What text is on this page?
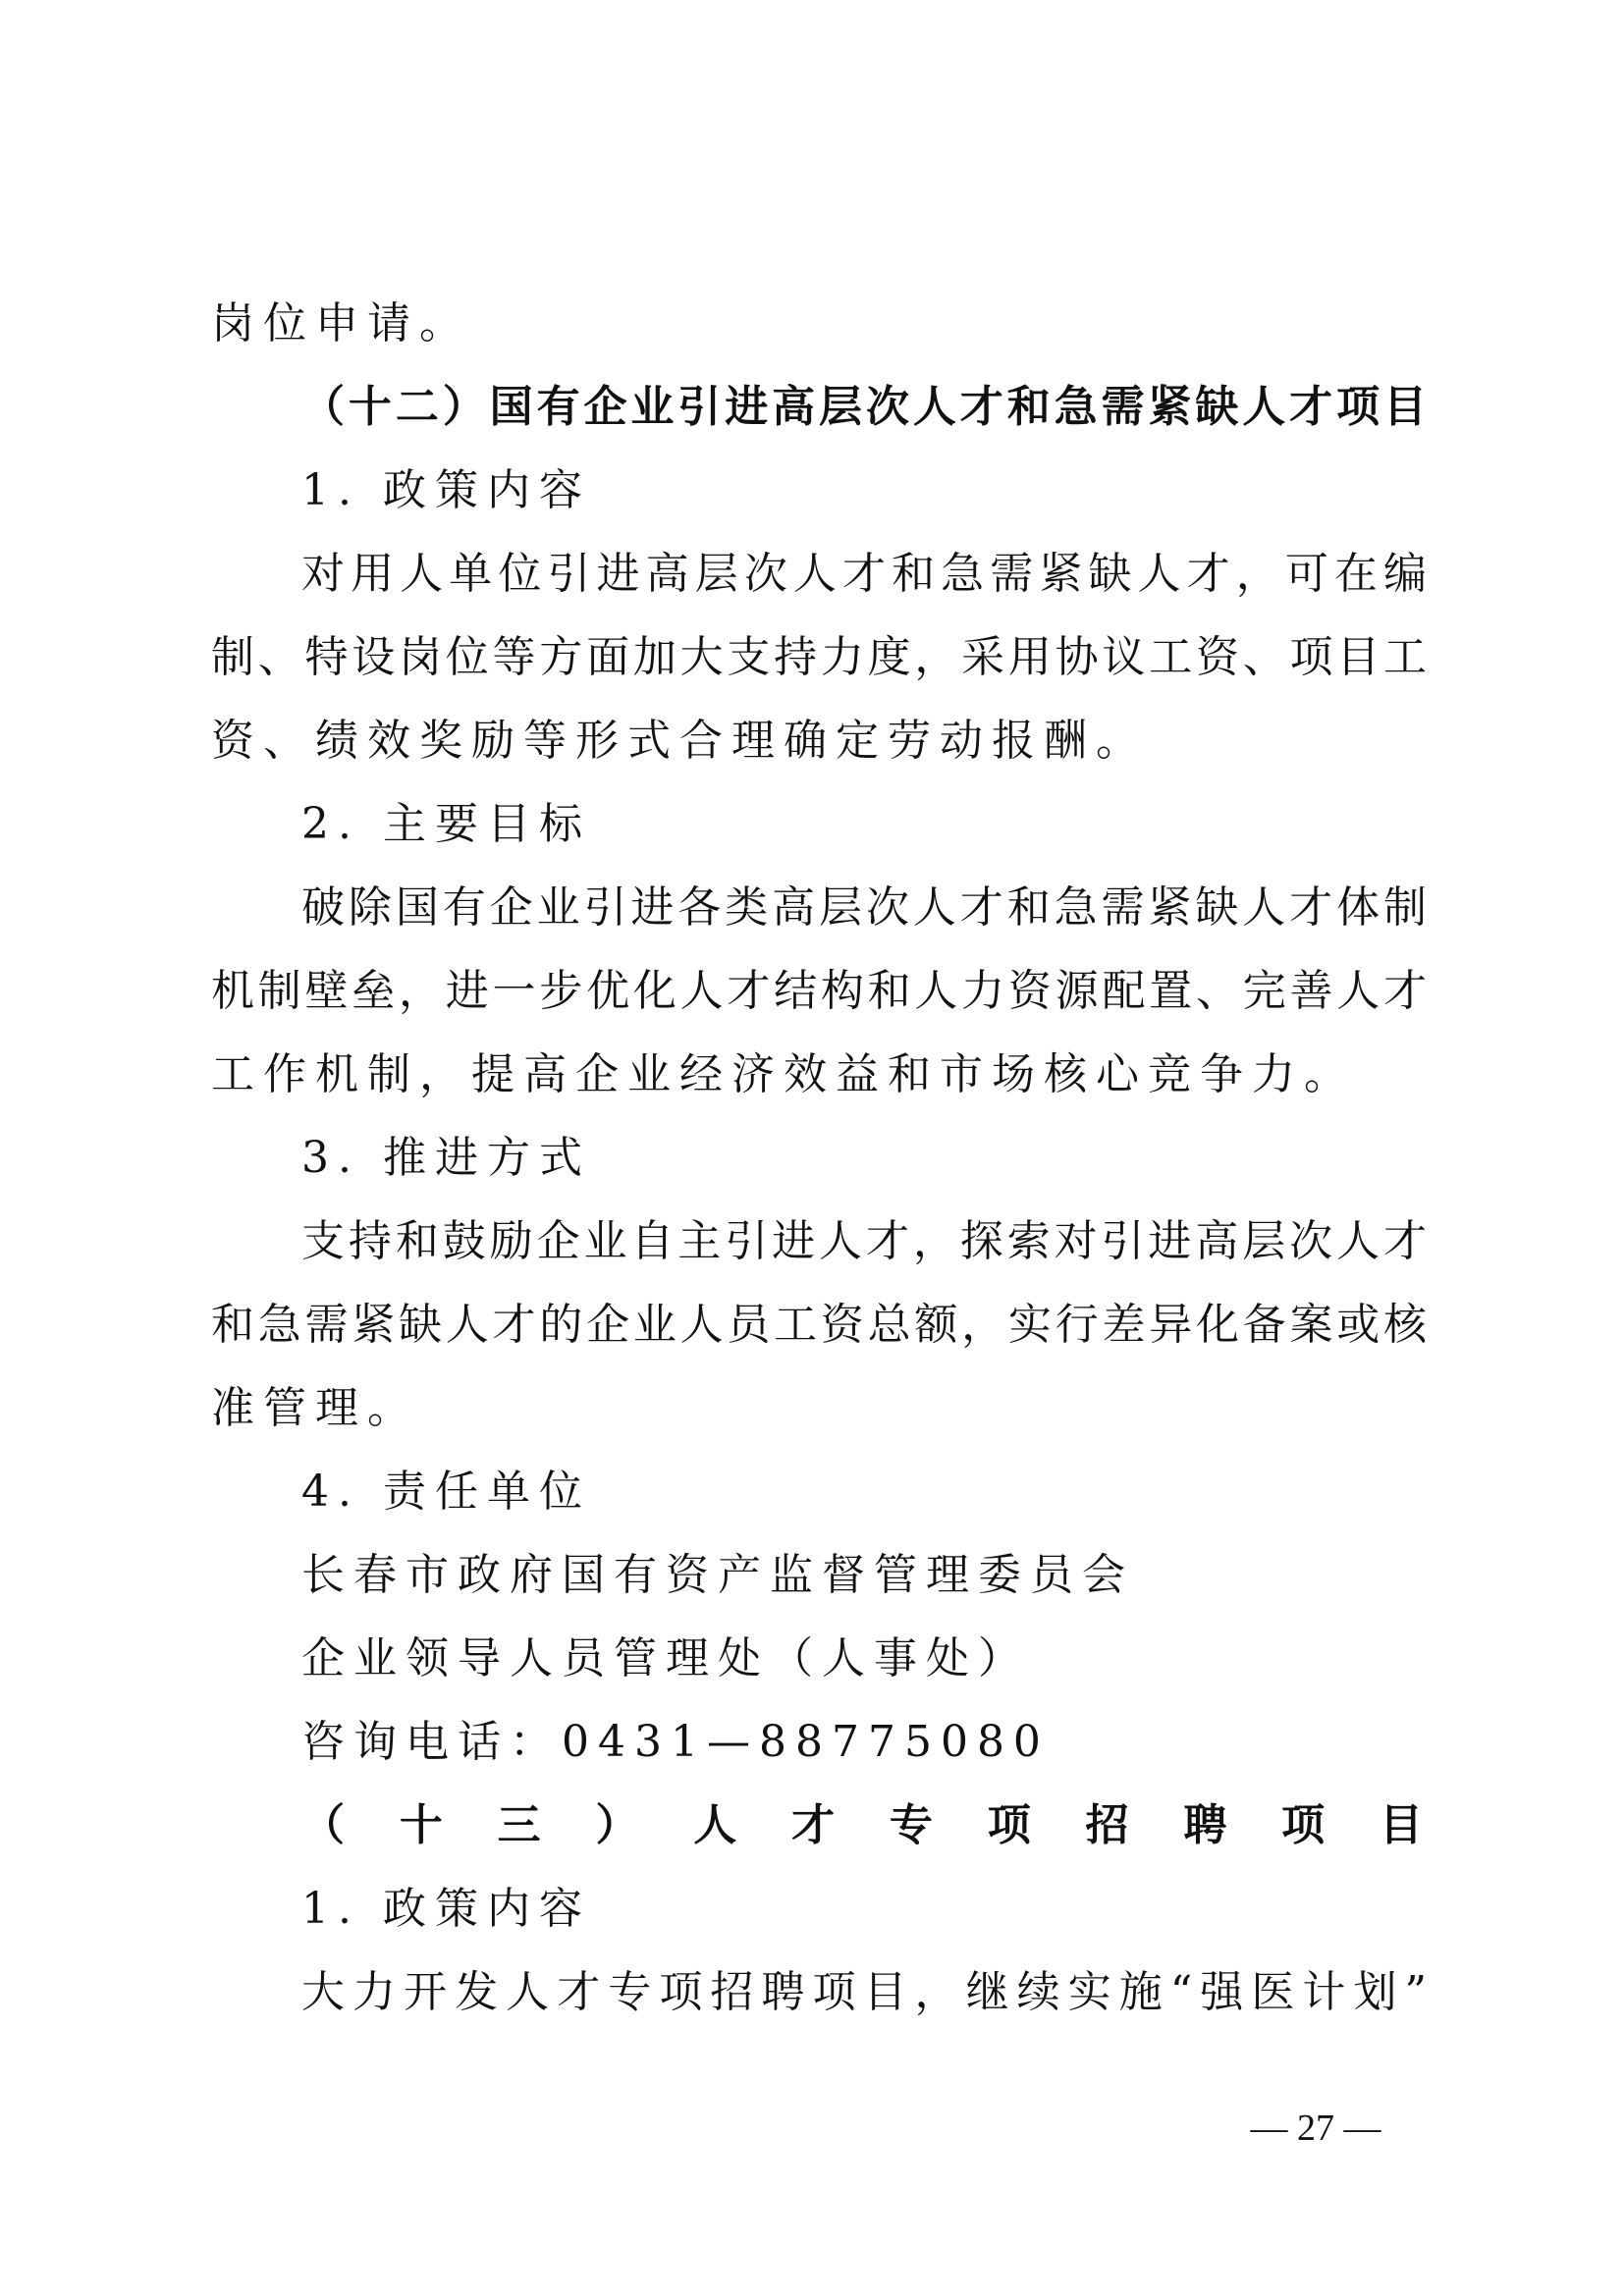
岗位申请。
（十二）国有企业引进高层次人才和急需紧缺人才项目
1. 政策内容
对用人单位引进高层次人才和急需紧缺人才，可在编
制、特设岗位等方面加大支持力度，采用协议工资、项目工
资、绩效奖励等形式合理确定劳动报酬。
2. 主要目标
破除国有企业引进各类高层次人才和急需紧缺人才体制
机制壁垒，进一步优化人才结构和人力资源配置、完善人才
工作机制，提高企业经济效益和市场核心竞争力。
3. 推进方式
支持和鼓励企业自主引进人才，探索对引进高层次人才
和急需紧缺人才的企业人员工资总额，实行差异化备案或核
准管理。
4. 责任单位
长春市政府国有资产监督管理委员会
企业领导人员管理处（人事处）
咨询电话：0431—88775080
（十三）人才专项招聘项目
1. 政策内容
大力开发人才专项招聘项目，继续实施“强医计划”
— 27 —
